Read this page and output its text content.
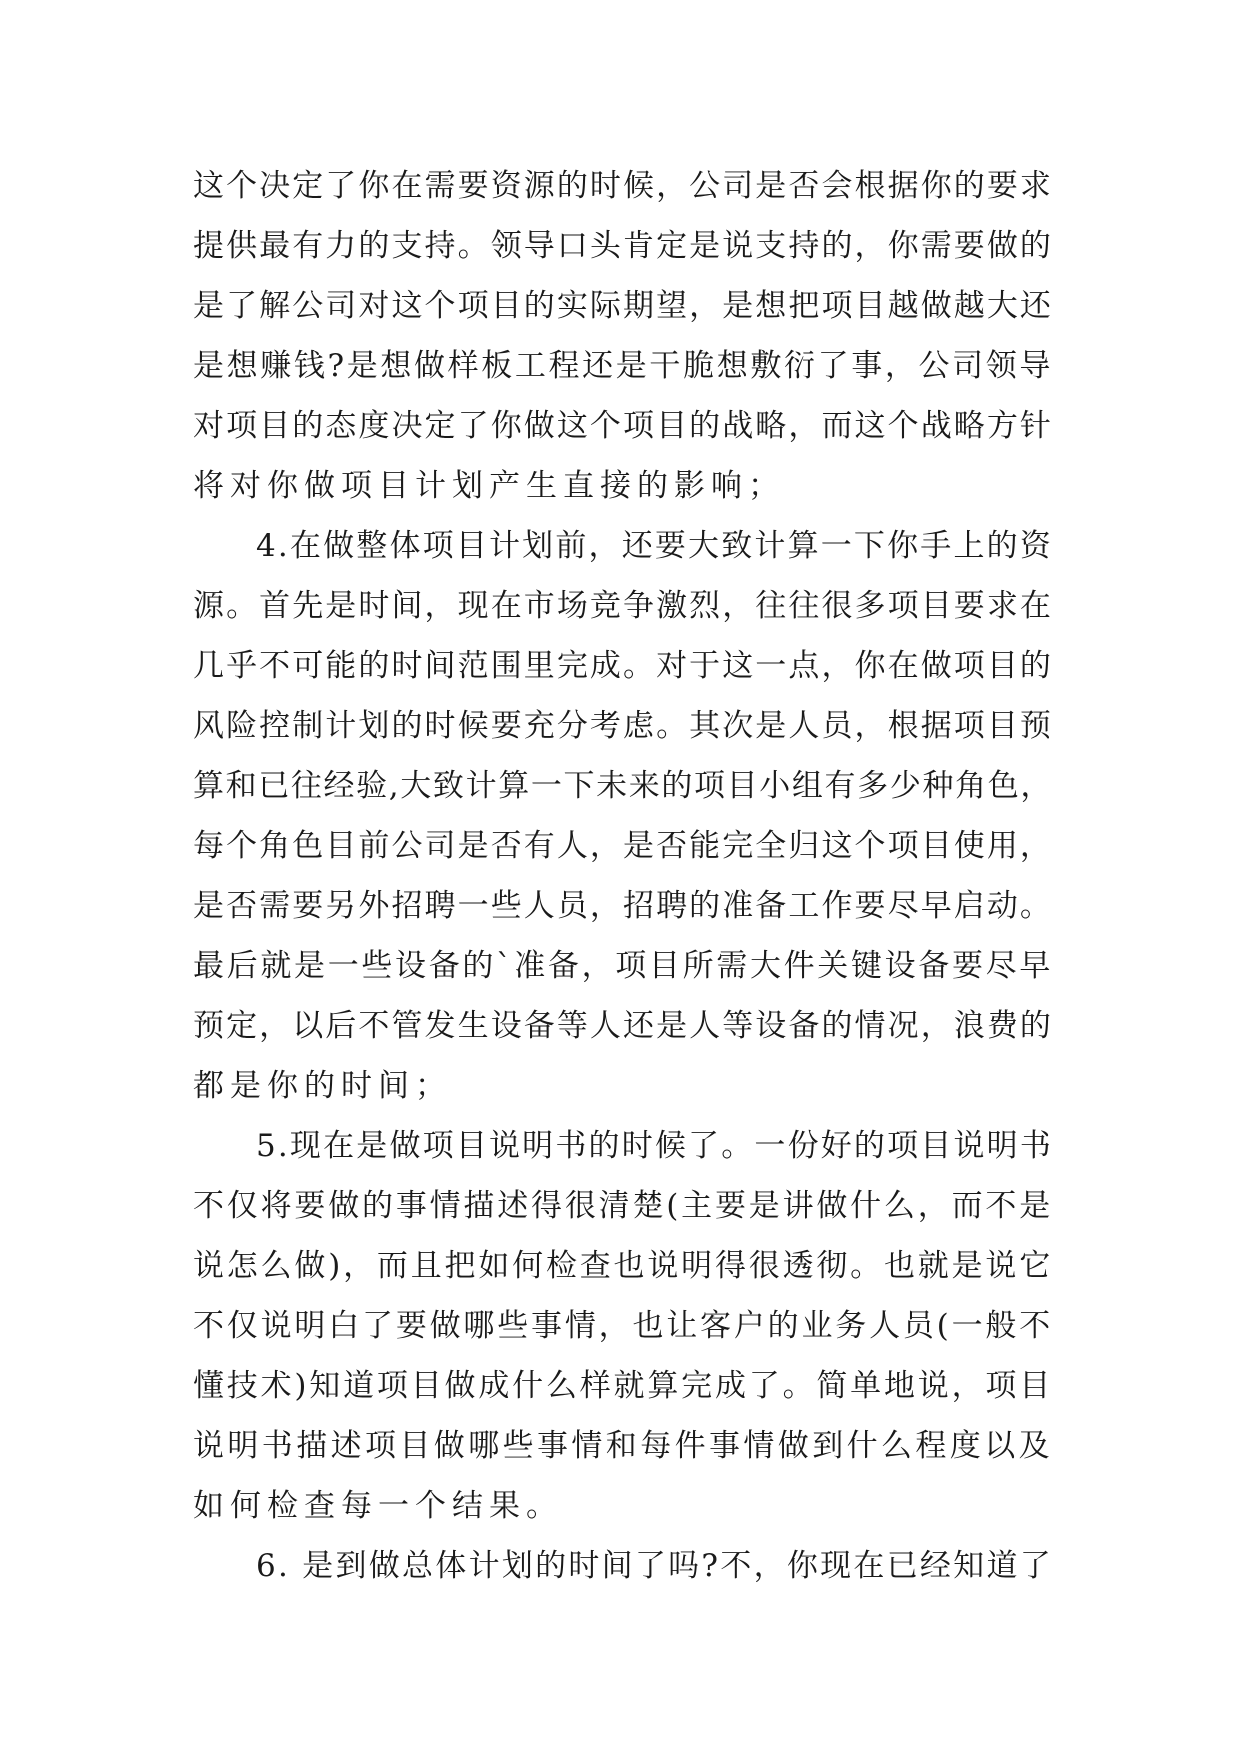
这个决定了你在需要资源的时候，公司是否会根据你的要求
提供最有力的支持。领导口头肯定是说支持的，你需要做的
是了解公司对这个项目的实际期望，是想把项目越做越大还
是想赚钱?是想做样板工程还是干脆想敷衍了事，公司领导
对项目的态度决定了你做这个项目的战略，而这个战略方针
将对你做项目计划产生直接的影响；
4.在做整体项目计划前，还要大致计算一下你手上的资
源。首先是时间，现在市场竞争激烈，往往很多项目要求在
几乎不可能的时间范围里完成。对于这一点，你在做项目的
风险控制计划的时候要充分考虑。其次是人员，根据项目预
算和已往经验,大致计算一下未来的项目小组有多少种角色，
每个角色目前公司是否有人，是否能完全归这个项目使用，
是否需要另外招聘一些人员，招聘的准备工作要尽早启动。
最后就是一些设备的`准备，项目所需大件关键设备要尽早
预定，以后不管发生设备等人还是人等设备的情况，浪费的
都是你的时间；
5.现在是做项目说明书的时候了。一份好的项目说明书
不仅将要做的事情描述得很清楚(主要是讲做什么，而不是
说怎么做)，而且把如何检查也说明得很透彻。也就是说它
不仅说明白了要做哪些事情，也让客户的业务人员(一般不
懂技术)知道项目做成什么样就算完成了。简单地说，项目
说明书描述项目做哪些事情和每件事情做到什么程度以及
如何检查每一个结果。
6. 是到做总体计划的时间了吗?不，你现在已经知道了
